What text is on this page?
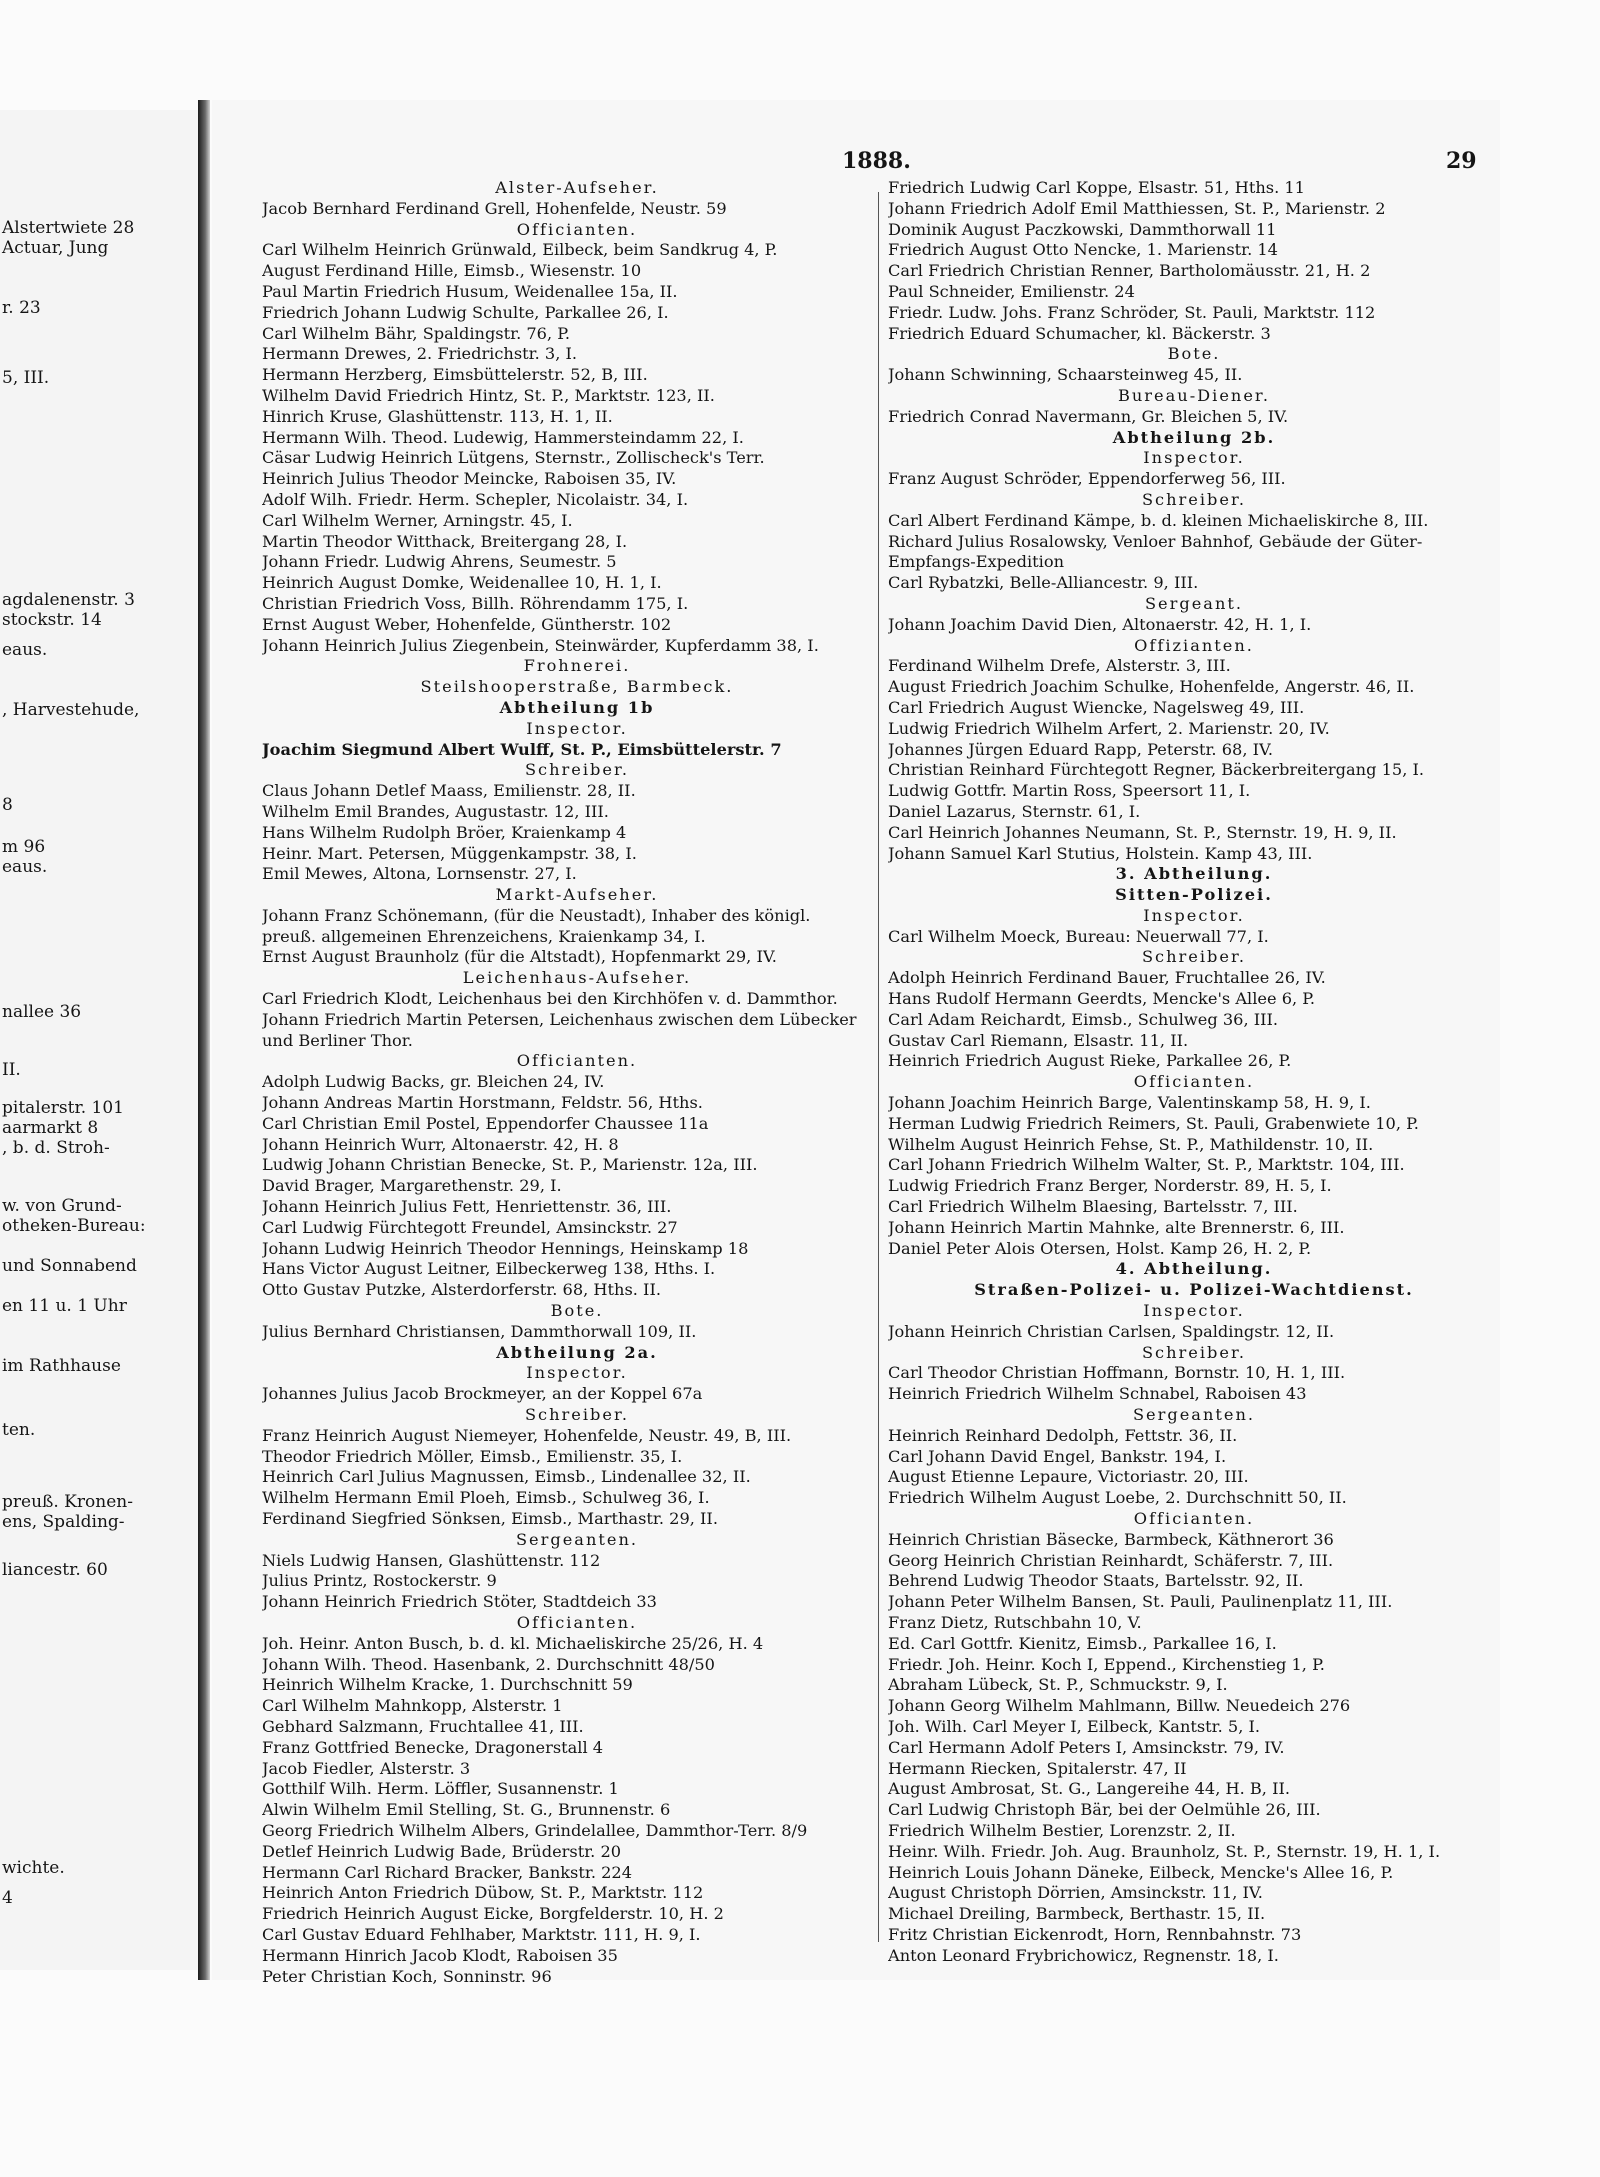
Alstertwiete 28
Actuar, Jung
r. 23
5, III.
agdalenenstr. 3
stockstr. 14
eaus.
, Harvestehude,
8
m 96
eaus.
nallee 36
II.
pitalerstr. 101
aarmarkt 8
, b. d. Stroh-
w. von Grund-
otheken-Bureau:
und Sonnabend
en 11 u. 1 Uhr
im Rathhause
ten.
preuß. Kronen-
ens, Spalding-
liancestr. 60
wichte.
4
1888.	29
Alster-Aufseher.
Jacob Bernhard Ferdinand Grell, Hohenfelde, Neustr. 59
Officianten.
Carl Wilhelm Heinrich Grünwald, Eilbeck, beim Sandkrug 4, P.
August Ferdinand Hille, Eimsb., Wiesenstr. 10
Paul Martin Friedrich Husum, Weidenallee 15a, II.
Friedrich Johann Ludwig Schulte, Parkallee 26, I.
Carl Wilhelm Bähr, Spaldingstr. 76, P.
Hermann Drewes, 2. Friedrichstr. 3, I.
Hermann Herzberg, Eimsbüttelerstr. 52, B, III.
Wilhelm David Friedrich Hintz, St. P., Marktstr. 123, II.
Hinrich Kruse, Glashüttenstr. 113, H. 1, II.
Hermann Wilh. Theod. Ludewig, Hammersteindamm 22, I.
Cäsar Ludwig Heinrich Lütgens, Sternstr., Zollischeck's Terr.
Heinrich Julius Theodor Meincke, Raboisen 35, IV.
Adolf Wilh. Friedr. Herm. Schepler, Nicolaistr. 34, I.
Carl Wilhelm Werner, Arningstr. 45, I.
Martin Theodor Witthack, Breitergang 28, I.
Johann Friedr. Ludwig Ahrens, Seumestr. 5
Heinrich August Domke, Weidenallee 10, H. 1, I.
Christian Friedrich Voss, Billh. Röhrendamm 175, I.
Ernst August Weber, Hohenfelde, Güntherstr. 102
Johann Heinrich Julius Ziegenbein, Steinwärder, Kupferdamm 38, I.
Frohnerei.
Steilshooperstraße, Barmbeck.
Abtheilung 1b
Inspector.
Joachim Siegmund Albert Wulff, St. P., Eimsbüttelerstr. 7
Schreiber.
Claus Johann Detlef Maass, Emilienstr. 28, II.
Wilhelm Emil Brandes, Augustastr. 12, III.
Hans Wilhelm Rudolph Bröer, Kraienkamp 4
Heinr. Mart. Petersen, Müggenkampstr. 38, I.
Emil Mewes, Altona, Lornsenstr. 27, I.
Markt-Aufseher.
Johann Franz Schönemann, (für die Neustadt), Inhaber des königl.
preuß. allgemeinen Ehrenzeichens, Kraienkamp 34, I.
Ernst August Braunholz (für die Altstadt), Hopfenmarkt 29, IV.
Leichenhaus-Aufseher.
Carl Friedrich Klodt, Leichenhaus bei den Kirchhöfen v. d. Dammthor.
Johann Friedrich Martin Petersen, Leichenhaus zwischen dem Lübecker
und Berliner Thor.
Officianten.
Adolph Ludwig Backs, gr. Bleichen 24, IV.
Johann Andreas Martin Horstmann, Feldstr. 56, Hths.
Carl Christian Emil Postel, Eppendorfer Chaussee 11a
Johann Heinrich Wurr, Altonaerstr. 42, H. 8
Ludwig Johann Christian Benecke, St. P., Marienstr. 12a, III.
David Brager, Margarethenstr. 29, I.
Johann Heinrich Julius Fett, Henriettenstr. 36, III.
Carl Ludwig Fürchtegott Freundel, Amsinckstr. 27
Johann Ludwig Heinrich Theodor Hennings, Heinskamp 18
Hans Victor August Leitner, Eilbeckerweg 138, Hths. I.
Otto Gustav Putzke, Alsterdorferstr. 68, Hths. II.
Bote.
Julius Bernhard Christiansen, Dammthorwall 109, II.
Abtheilung 2a.
Inspector.
Johannes Julius Jacob Brockmeyer, an der Koppel 67a
Schreiber.
Franz Heinrich August Niemeyer, Hohenfelde, Neustr. 49, B, III.
Theodor Friedrich Möller, Eimsb., Emilienstr. 35, I.
Heinrich Carl Julius Magnussen, Eimsb., Lindenallee 32, II.
Wilhelm Hermann Emil Ploeh, Eimsb., Schulweg 36, I.
Ferdinand Siegfried Sönksen, Eimsb., Marthastr. 29, II.
Sergeanten.
Niels Ludwig Hansen, Glashüttenstr. 112
Julius Printz, Rostockerstr. 9
Johann Heinrich Friedrich Stöter, Stadtdeich 33
Officianten.
Joh. Heinr. Anton Busch, b. d. kl. Michaeliskirche 25/26, H. 4
Johann Wilh. Theod. Hasenbank, 2. Durchschnitt 48/50
Heinrich Wilhelm Kracke, 1. Durchschnitt 59
Carl Wilhelm Mahnkopp, Alsterstr. 1
Gebhard Salzmann, Fruchtallee 41, III.
Franz Gottfried Benecke, Dragonerstall 4
Jacob Fiedler, Alsterstr. 3
Gotthilf Wilh. Herm. Löffler, Susannenstr. 1
Alwin Wilhelm Emil Stelling, St. G., Brunnenstr. 6
Georg Friedrich Wilhelm Albers, Grindelallee, Dammthor-Terr. 8/9
Detlef Heinrich Ludwig Bade, Brüderstr. 20
Hermann Carl Richard Bracker, Bankstr. 224
Heinrich Anton Friedrich Dübow, St. P., Marktstr. 112
Friedrich Heinrich August Eicke, Borgfelderstr. 10, H. 2
Carl Gustav Eduard Fehlhaber, Marktstr. 111, H. 9, I.
Hermann Hinrich Jacob Klodt, Raboisen 35
Peter Christian Koch, Sonninstr. 96
Friedrich Ludwig Carl Koppe, Elsastr. 51, Hths. 11
Johann Friedrich Adolf Emil Matthiessen, St. P., Marienstr. 2
Dominik August Paczkowski, Dammthorwall 11
Friedrich August Otto Nencke, 1. Marienstr. 14
Carl Friedrich Christian Renner, Bartholomäusstr. 21, H. 2
Paul Schneider, Emilienstr. 24
Friedr. Ludw. Johs. Franz Schröder, St. Pauli, Marktstr. 112
Friedrich Eduard Schumacher, kl. Bäckerstr. 3
Bote.
Johann Schwinning, Schaarsteinweg 45, II.
Bureau-Diener.
Friedrich Conrad Navermann, Gr. Bleichen 5, IV.
Abtheilung 2b.
Inspector.
Franz August Schröder, Eppendorferweg 56, III.
Schreiber.
Carl Albert Ferdinand Kämpe, b. d. kleinen Michaeliskirche 8, III.
Richard Julius Rosalowsky, Venloer Bahnhof, Gebäude der Güter-
Empfangs-Expedition
Carl Rybatzki, Belle-Alliancestr. 9, III.
Sergeant.
Johann Joachim David Dien, Altonaerstr. 42, H. 1, I.
Offizianten.
Ferdinand Wilhelm Drefe, Alsterstr. 3, III.
August Friedrich Joachim Schulke, Hohenfelde, Angerstr. 46, II.
Carl Friedrich August Wiencke, Nagelsweg 49, III.
Ludwig Friedrich Wilhelm Arfert, 2. Marienstr. 20, IV.
Johannes Jürgen Eduard Rapp, Peterstr. 68, IV.
Christian Reinhard Fürchtegott Regner, Bäckerbreitergang 15, I.
Ludwig Gottfr. Martin Ross, Speersort 11, I.
Daniel Lazarus, Sternstr. 61, I.
Carl Heinrich Johannes Neumann, St. P., Sternstr. 19, H. 9, II.
Johann Samuel Karl Stutius, Holstein. Kamp 43, III.
3. Abtheilung.
Sitten-Polizei.
Inspector.
Carl Wilhelm Moeck, Bureau: Neuerwall 77, I.
Schreiber.
Adolph Heinrich Ferdinand Bauer, Fruchtallee 26, IV.
Hans Rudolf Hermann Geerdts, Mencke's Allee 6, P.
Carl Adam Reichardt, Eimsb., Schulweg 36, III.
Gustav Carl Riemann, Elsastr. 11, II.
Heinrich Friedrich August Rieke, Parkallee 26, P.
Officianten.
Johann Joachim Heinrich Barge, Valentinskamp 58, H. 9, I.
Herman Ludwig Friedrich Reimers, St. Pauli, Grabenwiete 10, P.
Wilhelm August Heinrich Fehse, St. P., Mathildenstr. 10, II.
Carl Johann Friedrich Wilhelm Walter, St. P., Marktstr. 104, III.
Ludwig Friedrich Franz Berger, Norderstr. 89, H. 5, I.
Carl Friedrich Wilhelm Blaesing, Bartelsstr. 7, III.
Johann Heinrich Martin Mahnke, alte Brennerstr. 6, III.
Daniel Peter Alois Otersen, Holst. Kamp 26, H. 2, P.
4. Abtheilung.
Straßen-Polizei- u. Polizei-Wachtdienst.
Inspector.
Johann Heinrich Christian Carlsen, Spaldingstr. 12, II.
Schreiber.
Carl Theodor Christian Hoffmann, Bornstr. 10, H. 1, III.
Heinrich Friedrich Wilhelm Schnabel, Raboisen 43
Sergeanten.
Heinrich Reinhard Dedolph, Fettstr. 36, II.
Carl Johann David Engel, Bankstr. 194, I.
August Etienne Lepaure, Victoriastr. 20, III.
Friedrich Wilhelm August Loebe, 2. Durchschnitt 50, II.
Officianten.
Heinrich Christian Bäsecke, Barmbeck, Käthnerort 36
Georg Heinrich Christian Reinhardt, Schäferstr. 7, III.
Behrend Ludwig Theodor Staats, Bartelsstr. 92, II.
Johann Peter Wilhelm Bansen, St. Pauli, Paulinenplatz 11, III.
Franz Dietz, Rutschbahn 10, V.
Ed. Carl Gottfr. Kienitz, Eimsb., Parkallee 16, I.
Friedr. Joh. Heinr. Koch I, Eppend., Kirchenstieg 1, P.
Abraham Lübeck, St. P., Schmuckstr. 9, I.
Johann Georg Wilhelm Mahlmann, Billw. Neuedeich 276
Joh. Wilh. Carl Meyer I, Eilbeck, Kantstr. 5, I.
Carl Hermann Adolf Peters I, Amsinckstr. 79, IV.
Hermann Riecken, Spitalerstr. 47, II
August Ambrosat, St. G., Langereihe 44, H. B, II.
Carl Ludwig Christoph Bär, bei der Oelmühle 26, III.
Friedrich Wilhelm Bestier, Lorenzstr. 2, II.
Heinr. Wilh. Friedr. Joh. Aug. Braunholz, St. P., Sternstr. 19, H. 1, I.
Heinrich Louis Johann Däneke, Eilbeck, Mencke's Allee 16, P.
August Christoph Dörrien, Amsinckstr. 11, IV.
Michael Dreiling, Barmbeck, Berthastr. 15, II.
Fritz Christian Eickenrodt, Horn, Rennbahnstr. 73
Anton Leonard Frybrichowicz, Regnenstr. 18, I.
